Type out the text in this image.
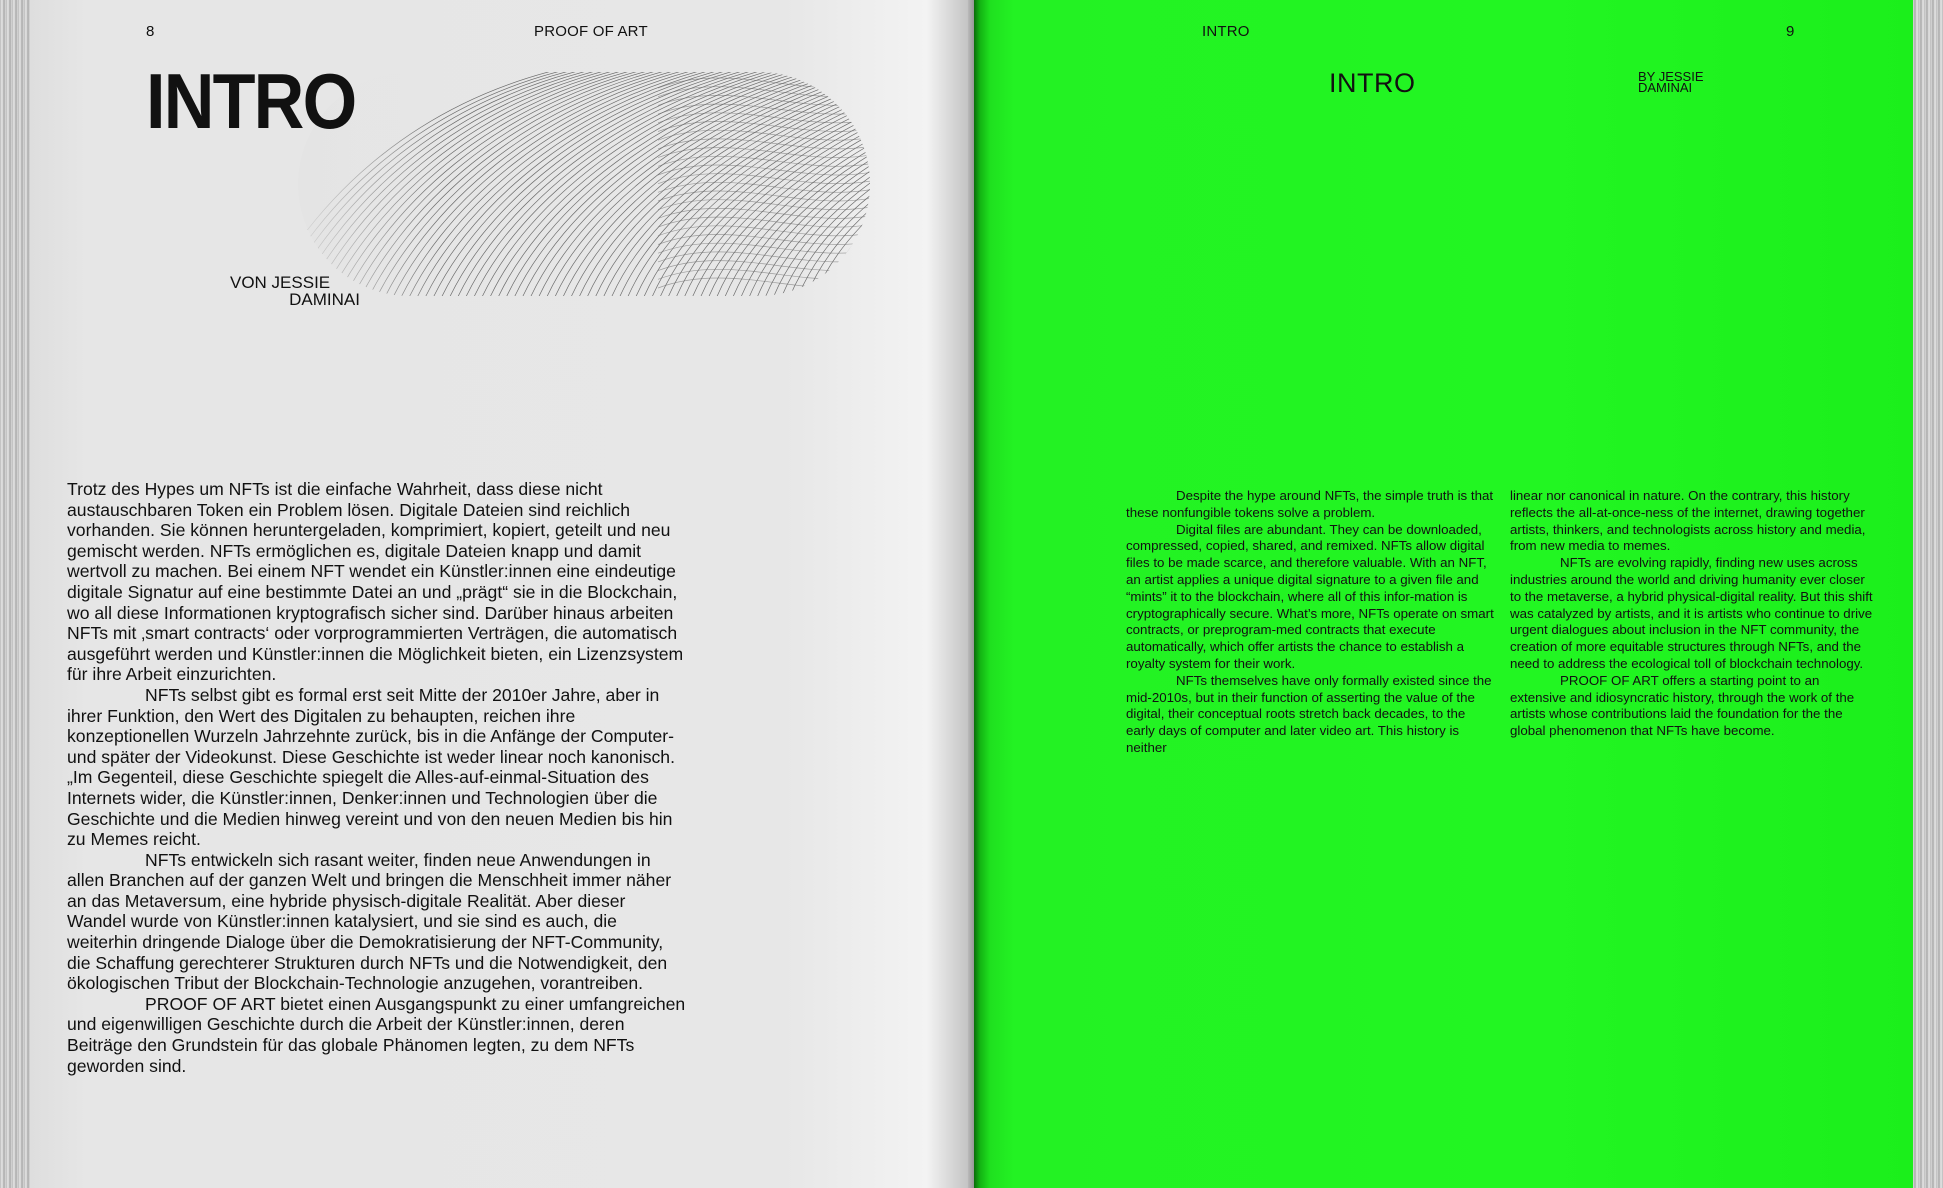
8	PROOF OF ART
INTRO
VON JESSIE
DAMINAI

Trotz des Hypes um NFTs ist die einfache Wahrheit, dass diese nicht austauschbaren Token ein Problem lösen. Digitale Dateien sind reichlich vorhanden. Sie können heruntergeladen, komprimiert, kopiert, geteilt und neu gemischt werden. NFTs ermöglichen es, digitale Dateien knapp und damit wertvoll zu machen. Bei einem NFT wendet ein Künstler:innen eine eindeutige digitale Signatur auf eine bestimmte Datei an und „prägt“ sie in die Blockchain, wo all diese Informationen kryptografisch sicher sind. Darüber hinaus arbeiten NFTs mit ‚smart contracts‘ oder vorprogrammierten Verträgen, die automatisch ausgeführt werden und Künstler:innen die Möglichkeit bieten, ein Lizenzsystem für ihre Arbeit einzurichten.

NFTs selbst gibt es formal erst seit Mitte der 2010er Jahre, aber in ihrer Funktion, den Wert des Digitalen zu behaupten, reichen ihre konzeptionellen Wurzeln Jahrzehnte zurück, bis in die Anfänge der Computer- und später der Videokunst. Diese Geschichte ist weder linear noch kanonisch. „Im Gegenteil, diese Geschichte spiegelt die Alles-auf-einmal-Situation des Internets wider, die Künstler:innen, Denker:innen und Technologien über die Geschichte und die Medien hinweg vereint und von den neuen Medien bis hin zu Memes reicht.

NFTs entwickeln sich rasant weiter, finden neue Anwendungen in allen Branchen auf der ganzen Welt und bringen die Menschheit immer näher an das Metaversum, eine hybride physisch-digitale Realität. Aber dieser Wandel wurde von Künstler:innen katalysiert, und sie sind es auch, die weiterhin dringende Dialoge über die Demokratisierung der NFT-Community, die Schaffung gerechterer Strukturen durch NFTs und die Notwendigkeit, den ökologischen Tribut der Blockchain-Technologie anzugehen, vorantreiben.

PROOF OF ART bietet einen Ausgangspunkt zu einer umfangreichen und eigenwilligen Geschichte durch die Arbeit der Künstler:innen, deren Beiträge den Grundstein für das globale Phänomen legten, zu dem NFTs geworden sind.

INTRO	9
INTRO	BY JESSIE
DAMINAI

Despite the hype around NFTs, the simple truth is that these nonfungible tokens solve a problem.

Digital files are abundant. They can be downloaded, compressed, copied, shared, and remixed. NFTs allow digital files to be made scarce, and therefore valuable. With an NFT, an artist applies a unique digital signature to a given file and “mints” it to the blockchain, where all of this infor-mation is cryptographically secure. What’s more, NFTs operate on smart contracts, or preprogram-med contracts that execute automatically, which offer artists the chance to establish a royalty system for their work.

NFTs themselves have only formally existed since the mid-2010s, but in their function of asserting the value of the digital, their conceptual roots stretch back decades, to the early days of computer and later video art. This history is neither

linear nor canonical in nature. On the contrary, this history reflects the all-at-once-ness of the internet, drawing together artists, thinkers, and technologists across history and media, from new media to memes.

NFTs are evolving rapidly, finding new uses across industries around the world and driving humanity ever closer to the metaverse, a hybrid physical-digital reality. But this shift was catalyzed by artists, and it is artists who continue to drive urgent dialogues about inclusion in the NFT community, the creation of more equitable structures through NFTs, and the need to address the ecological toll of blockchain technology.

PROOF OF ART offers a starting point to an extensive and idiosyncratic history, through the work of the artists whose contributions laid the foundation for the the global phenomenon that NFTs have become.
